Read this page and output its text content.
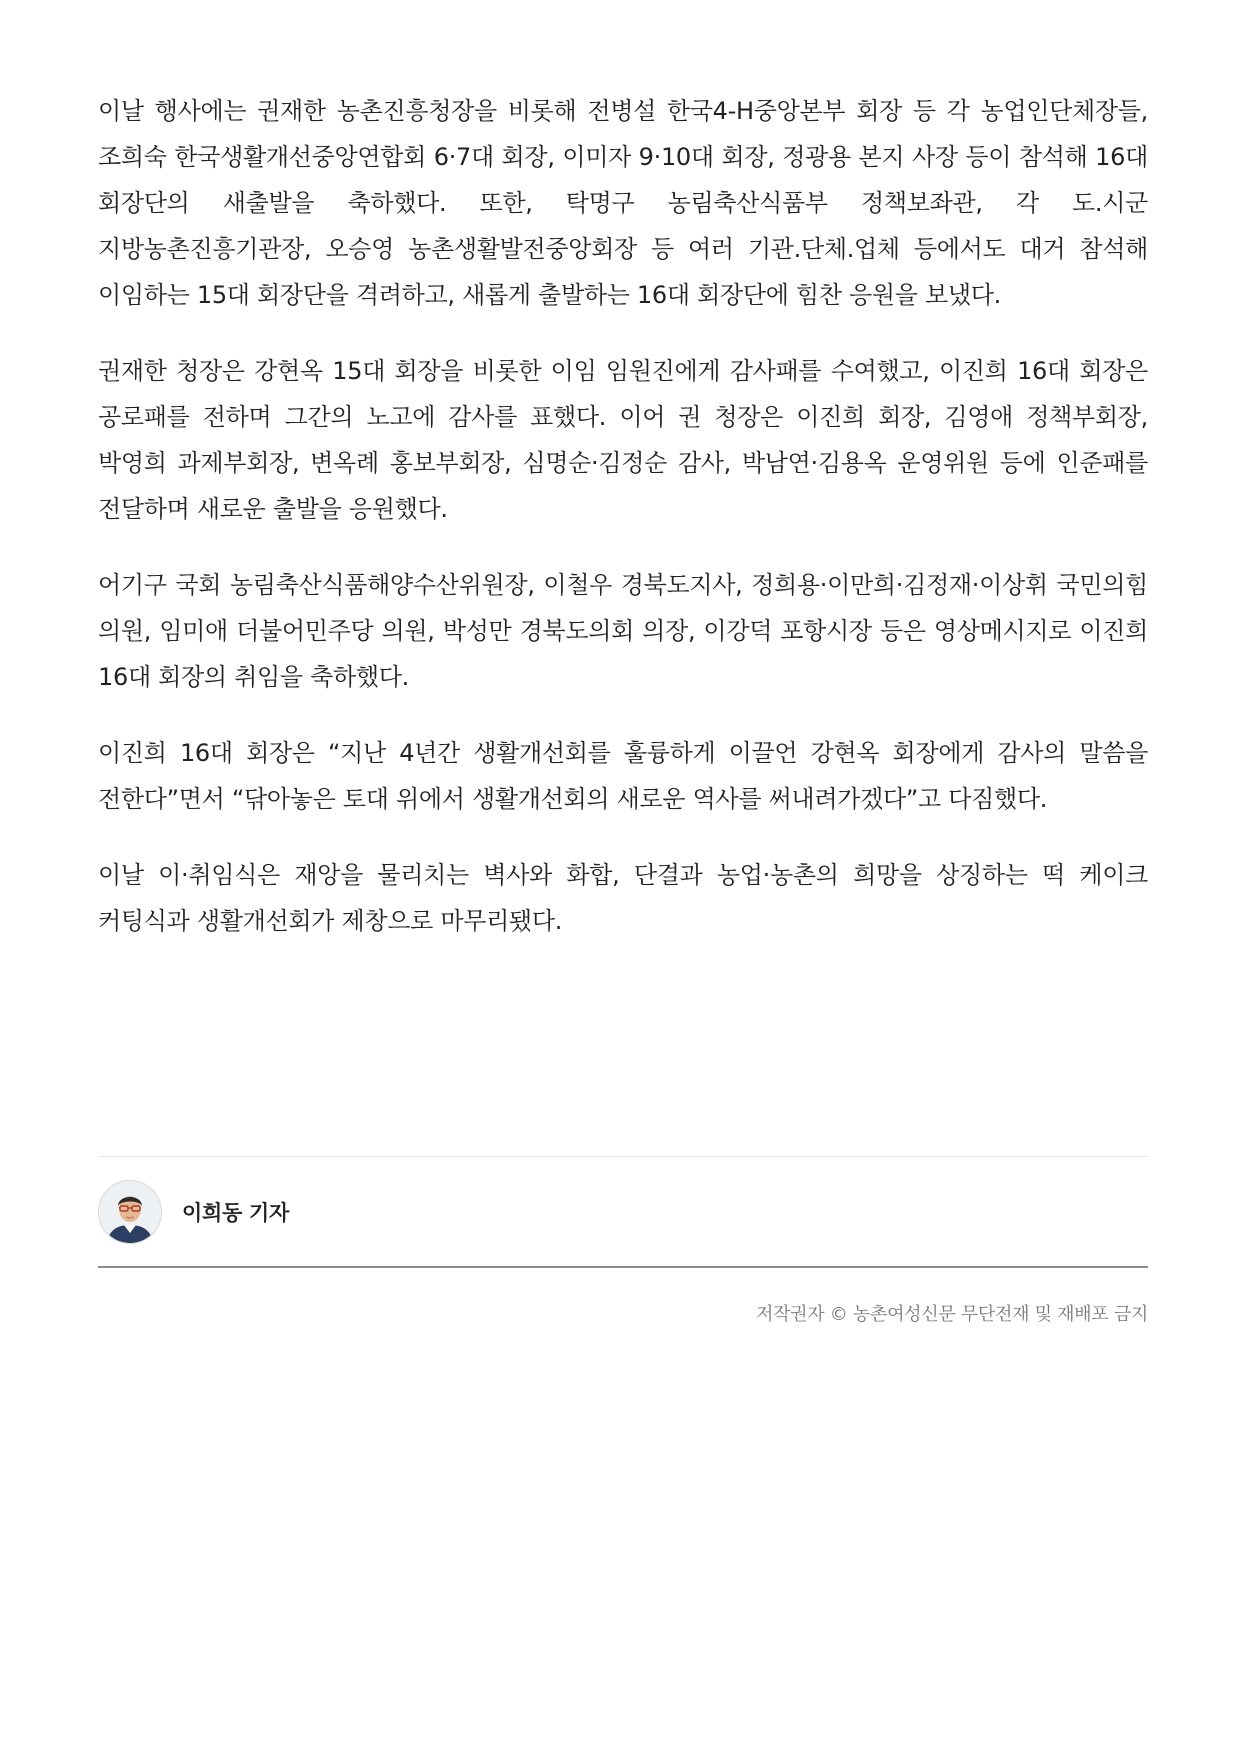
이날 행사에는 권재한 농촌진흥청장을 비롯해 전병설 한국4-H중앙본부 회장 등 각 농업인단체장들, 조희숙 한국생활개선중앙연합회 6·7대 회장, 이미자 9·10대 회장, 정광용 본지 사장 등이 참석해 16대 회장단의 새출발을 축하했다. 또한, 탁명구 농림축산식품부 정책보좌관, 각 도.시군 지방농촌진흥기관장, 오승영 농촌생활발전중앙회장 등 여러 기관.단체.업체 등에서도 대거 참석해 이임하는 15대 회장단을 격려하고, 새롭게 출발하는 16대 회장단에 힘찬 응원을 보냈다.

권재한 청장은 강현옥 15대 회장을 비롯한 이임 임원진에게 감사패를 수여했고, 이진희 16대 회장은 공로패를 전하며 그간의 노고에 감사를 표했다. 이어 권 청장은 이진희 회장, 김영애 정책부회장, 박영희 과제부회장, 변옥례 홍보부회장, 심명순·김정순 감사, 박남연·김용옥 운영위원 등에 인준패를 전달하며 새로운 출발을 응원했다.

어기구 국회 농림축산식품해양수산위원장, 이철우 경북도지사, 정희용·이만희·김정재·이상휘 국민의힘 의원, 임미애 더불어민주당 의원, 박성만 경북도의회 의장, 이강덕 포항시장 등은 영상메시지로 이진희 16대 회장의 취임을 축하했다.

이진희 16대 회장은 “지난 4년간 생활개선회를 훌륭하게 이끌언 강현옥 회장에게 감사의 말씀을 전한다”면서 “닦아놓은 토대 위에서 생활개선회의 새로운 역사를 써내려가겠다”고 다짐했다.

이날 이·취임식은 재앙을 물리치는 벽사와 화합, 단결과 농업·농촌의 희망을 상징하는 떡 케이크 커팅식과 생활개선회가 제창으로 마무리됐다.

이희동 기자
저작권자 © 농촌여성신문 무단전재 및 재배포 금지
